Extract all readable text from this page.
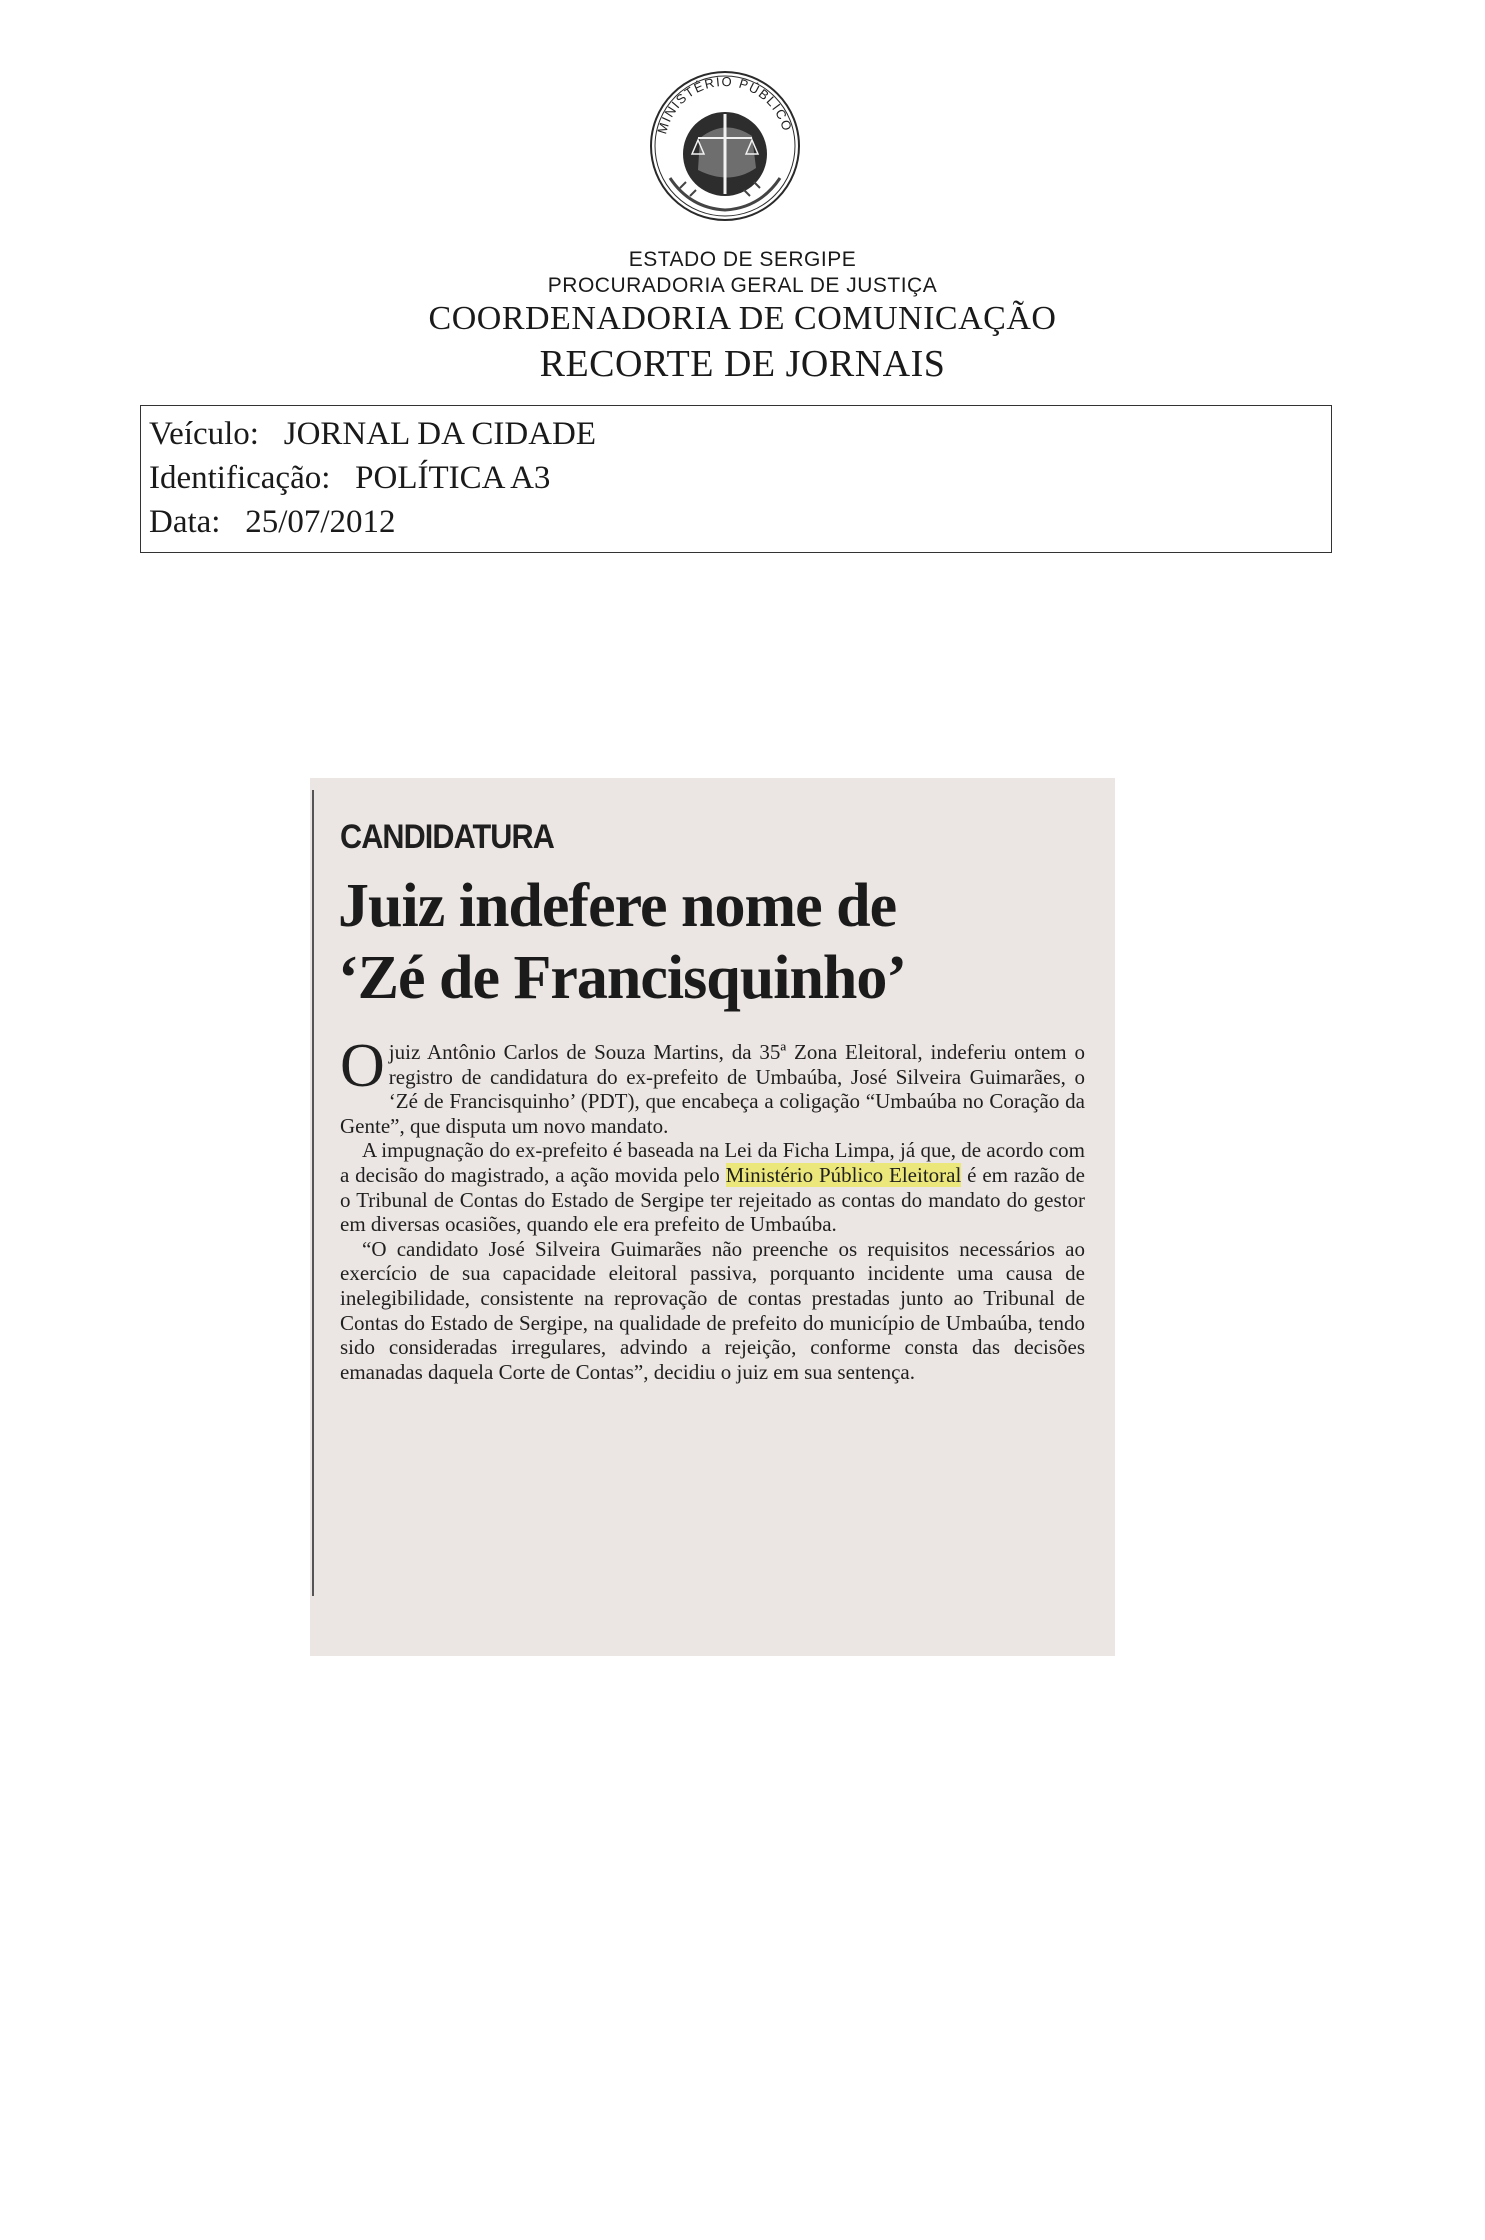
MINISTÉRIO PÚBLICO
ESTADO DE SERGIPE
PROCURADORIA GERAL DE JUSTIÇA
COORDENADORIA DE COMUNICAÇÃO
RECORTE DE JORNAIS
Veículo: JORNAL DA CIDADE
Identificação: POLÍTICA A3
Data: 25/07/2012
CANDIDATURA
Juiz indefere nome de
‘Zé de Francisquinho’

Ojuiz Antônio Carlos de Souza Martins, da 35ª Zona Eleitoral, indeferiu ontem o registro de candidatura do ex-prefeito de Umbaúba, José Silveira Guimarães, o ‘Zé de Francisquinho’ (PDT), que encabeça a coligação “Umbaúba no Coração da Gente”, que disputa um novo mandato.

A impugnação do ex-prefeito é baseada na Lei da Ficha Limpa, já que, de acordo com a decisão do magistrado, a ação movida pelo Ministério Público Eleitoral é em razão de o Tribunal de Contas do Estado de Sergipe ter rejeitado as contas do mandato do gestor em diversas ocasiões, quando ele era prefeito de Umbaúba.

“O candidato José Silveira Guimarães não preenche os requisitos necessários ao exercício de sua capacidade eleitoral passiva, porquanto incidente uma causa de inelegibilidade, consistente na reprovação de contas prestadas junto ao Tribunal de Contas do Estado de Sergipe, na qualidade de prefeito do município de Umbaúba, tendo sido consideradas irregulares, advindo a rejeição, conforme consta das decisões emanadas daquela Corte de Contas”, decidiu o juiz em sua sentença.
